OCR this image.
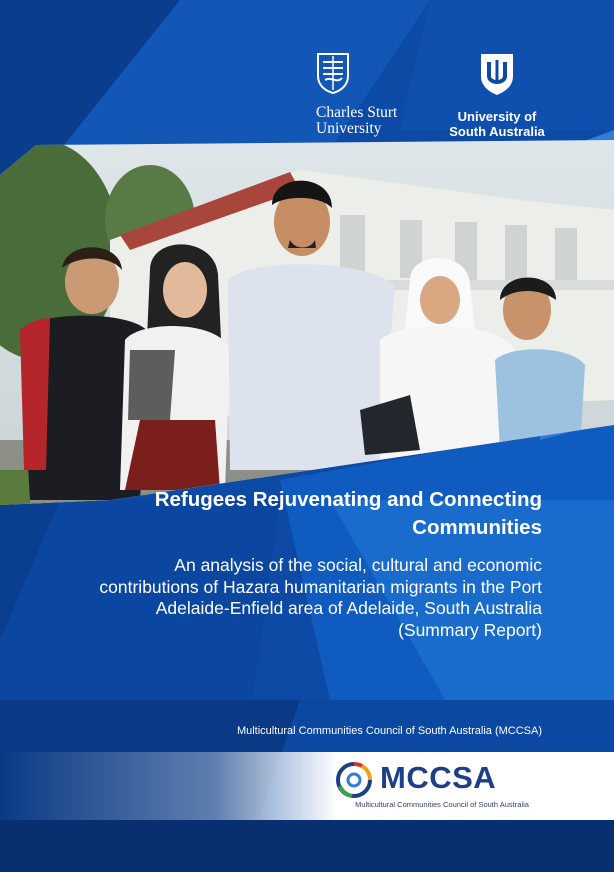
Charles Sturt University
University of South Australia
Refugees Rejuvenating and Connecting Communities
An analysis of the social, cultural and economic contributions of Hazara humanitarian migrants in the Port Adelaide-Enfield area of Adelaide, South Australia (Summary Report)
Multicultural Communities Council of South Australia (MCCSA)
MCCSA
Multicultural Communities Council of South Australia
